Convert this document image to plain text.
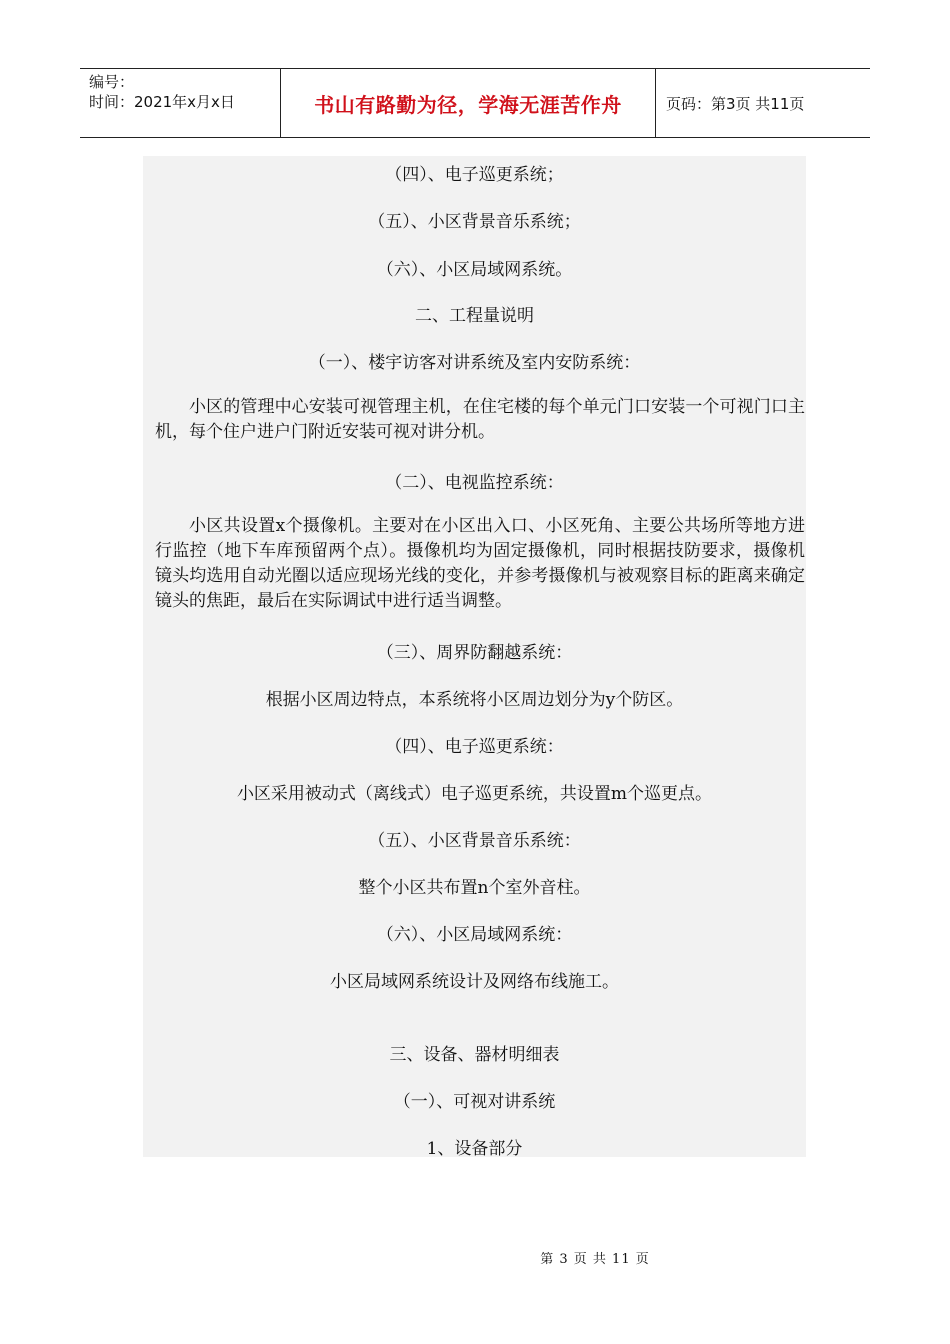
编号：
时间：2021年x月x日	书山有路勤为径，学海无涯苦作舟	页码：第3页 共11页
（四）、电子巡更系统；
（五）、小区背景音乐系统；
（六）、小区局域网系统。
二、工程量说明
（一）、楼宇访客对讲系统及室内安防系统：
小区的管理中心安装可视管理主机，在住宅楼的每个单元门口安装一个可视门口主机，每个住户进户门附近安装可视对讲分机。
（二）、电视监控系统：
小区共设置x个摄像机。主要对在小区出入口、小区死角、主要公共场所等地方进行监控（地下车库预留两个点）。摄像机均为固定摄像机，同时根据技防要求，摄像机镜头均选用自动光圈以适应现场光线的变化，并参考摄像机与被观察目标的距离来确定镜头的焦距，最后在实际调试中进行适当调整。
（三）、周界防翻越系统：
根据小区周边特点，本系统将小区周边划分为y个防区。
（四）、电子巡更系统：
小区采用被动式（离线式）电子巡更系统，共设置m个巡更点。
（五）、小区背景音乐系统：
整个小区共布置n个室外音柱。
（六）、小区局域网系统：
小区局域网系统设计及网络布线施工。
三、设备、器材明细表
（一）、可视对讲系统
1、设备部分
第 3 页 共 11 页
